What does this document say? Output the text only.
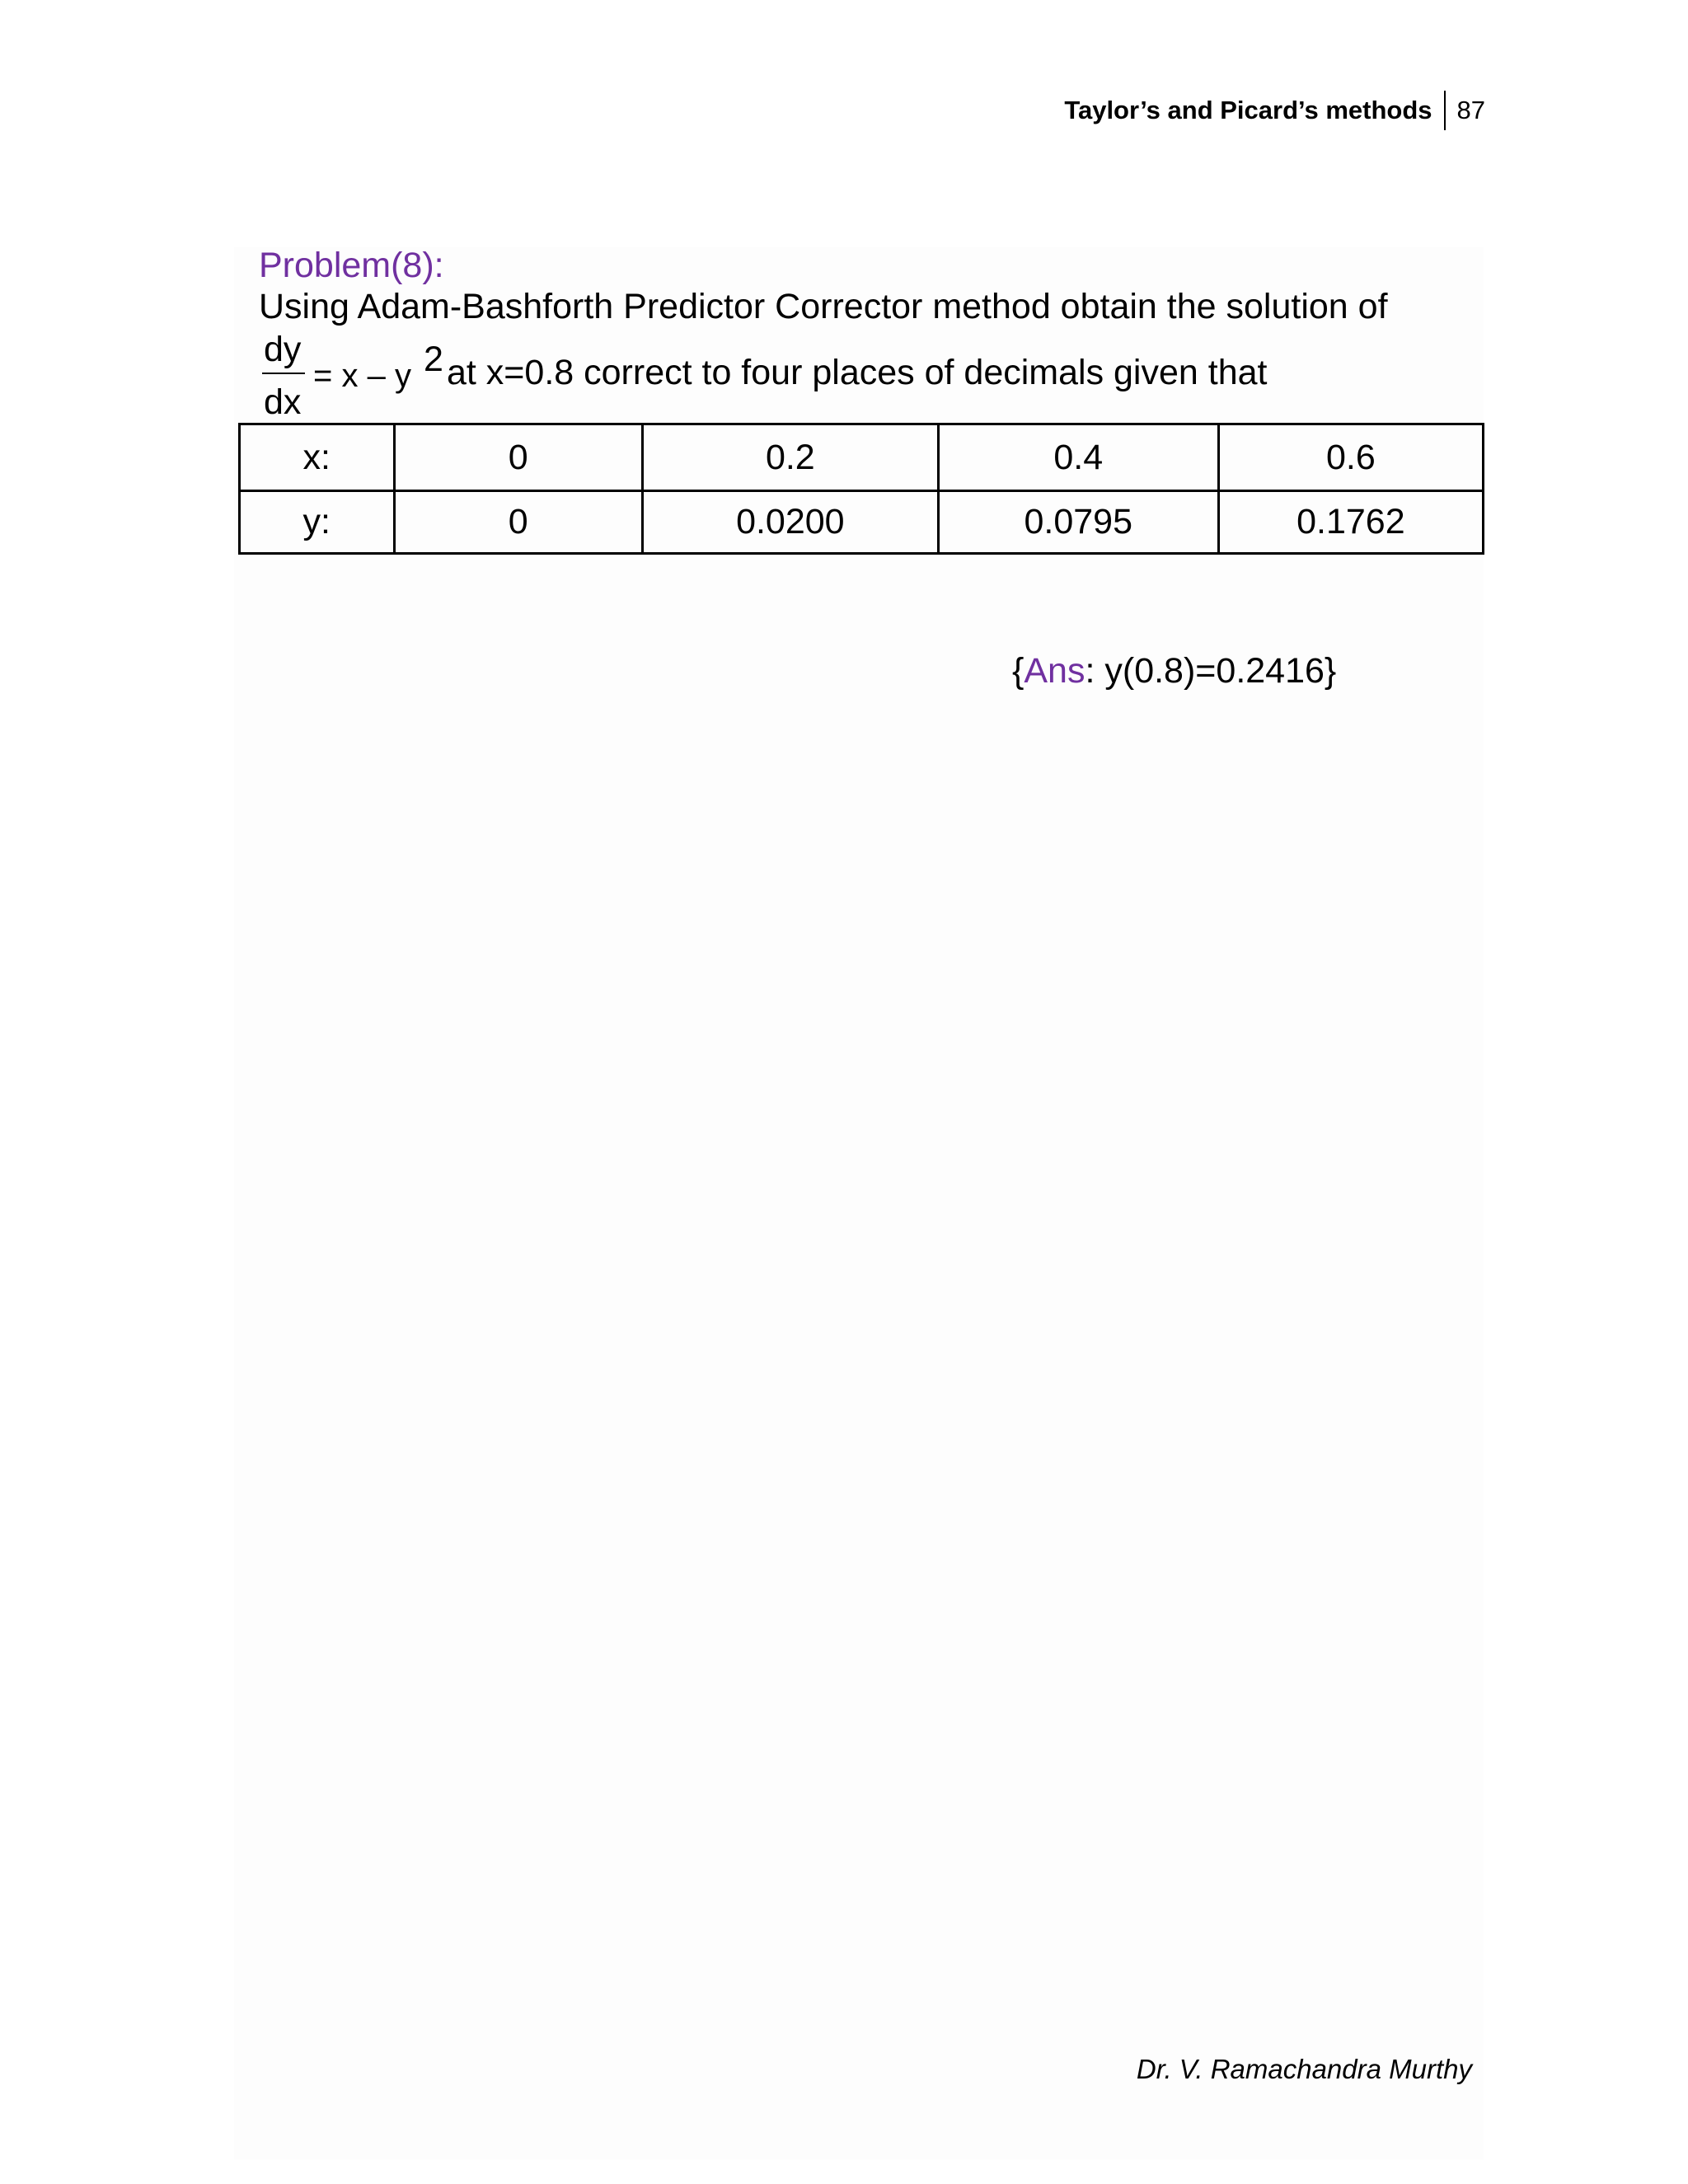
Taylor’s and Picard’s methods 87
Problem(8):
Using Adam-Bashforth Predictor Corrector method obtain the solution of
dy
dx
= x – y 2 at x=0.8 correct to four places of decimals given that
x:	0	0.2	0.4	0.6
y:	0	0.0200	0.0795	0.1762
{Ans: y(0.8)=0.2416}
Dr. V. Ramachandra Murthy
